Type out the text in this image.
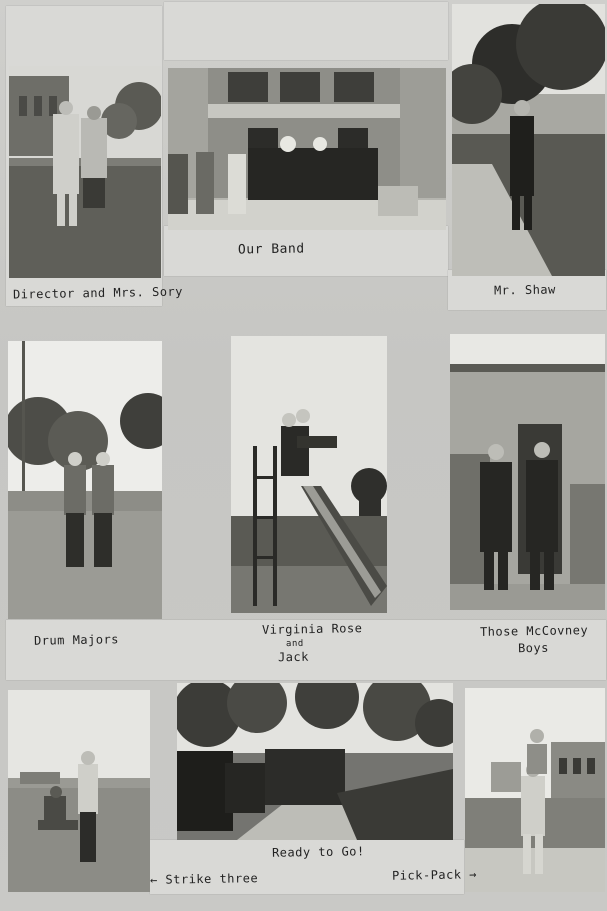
Director and Mrs. Sory
Our Band
Mr. Shaw
Drum Majors
Virginia Rose
and
Jack
Those McCovney
Boys
← Strike three
Ready to Go!
Pick-Pack →
